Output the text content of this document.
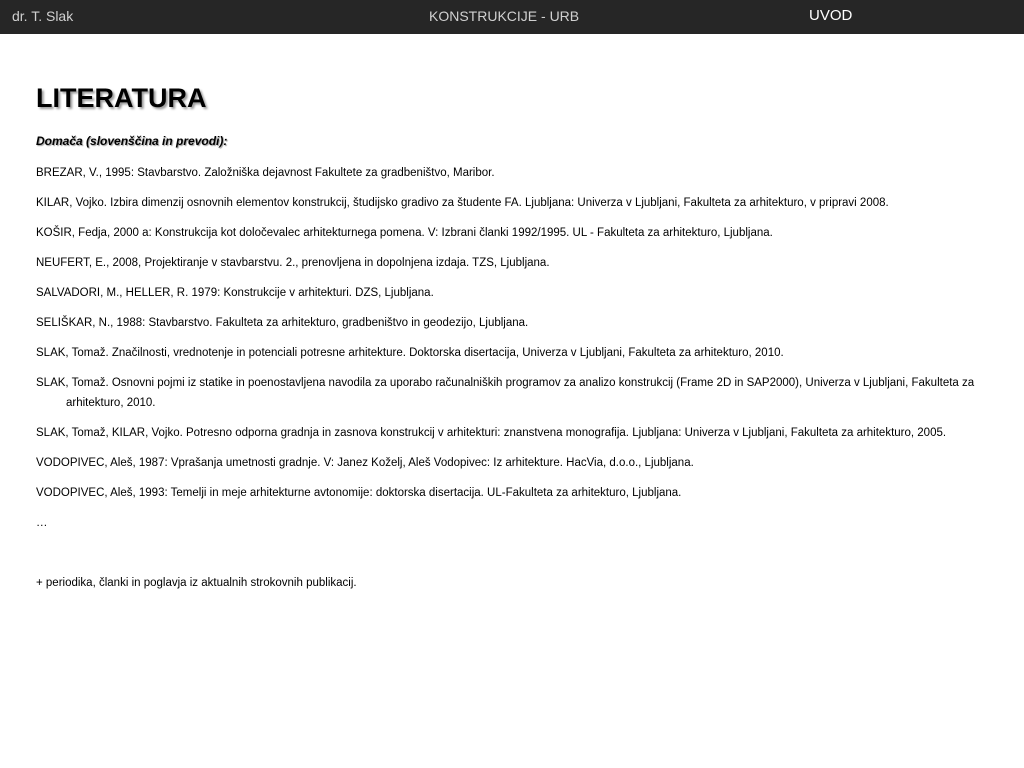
dr. T. Slak	KONSTRUKCIJE - URB	UVOD
LITERATURA

Domača (slovenščina in prevodi):

BREZAR, V., 1995: Stavbarstvo. Založniška dejavnost Fakultete za gradbeništvo, Maribor.
KILAR, Vojko. Izbira dimenzij osnovnih elementov konstrukcij, študijsko gradivo za študente FA. Ljubljana: Univerza v Ljubljani, Fakulteta za arhitekturo, v pripravi 2008.
KOŠIR, Fedja, 2000 a: Konstrukcija kot določevalec arhitekturnega pomena. V: Izbrani članki 1992/1995. UL - Fakulteta za arhitekturo, Ljubljana.
NEUFERT, E., 2008, Projektiranje v stavbarstvu. 2., prenovljena in dopolnjena izdaja. TZS, Ljubljana.
SALVADORI, M., HELLER, R. 1979: Konstrukcije v arhitekturi. DZS, Ljubljana.
SELIŠKAR, N., 1988: Stavbarstvo. Fakulteta za arhitekturo, gradbeništvo in geodezijo, Ljubljana.
SLAK, Tomaž. Značilnosti, vrednotenje in potenciali potresne arhitekture. Doktorska disertacija, Univerza v Ljubljani, Fakulteta za arhitekturo, 2010.
SLAK, Tomaž. Osnovni pojmi iz statike in poenostavljena navodila za uporabo računalniških programov za analizo konstrukcij (Frame 2D in SAP2000), Univerza v Ljubljani, Fakulteta za arhitekturo, 2010.
SLAK, Tomaž, KILAR, Vojko. Potresno odporna gradnja in zasnova konstrukcij v arhitekturi: znanstvena monografija. Ljubljana: Univerza v Ljubljani, Fakulteta za arhitekturo, 2005.
VODOPIVEC, Aleš, 1987: Vprašanja umetnosti gradnje. V: Janez Koželj, Aleš Vodopivec: Iz arhitekture. HacVia, d.o.o., Ljubljana.
VODOPIVEC, Aleš, 1993: Temelji in meje arhitekturne avtonomije: doktorska disertacija. UL-Fakulteta za arhitekturo, Ljubljana.
…
+ periodika, članki in poglavja iz aktualnih strokovnih publikacij.
